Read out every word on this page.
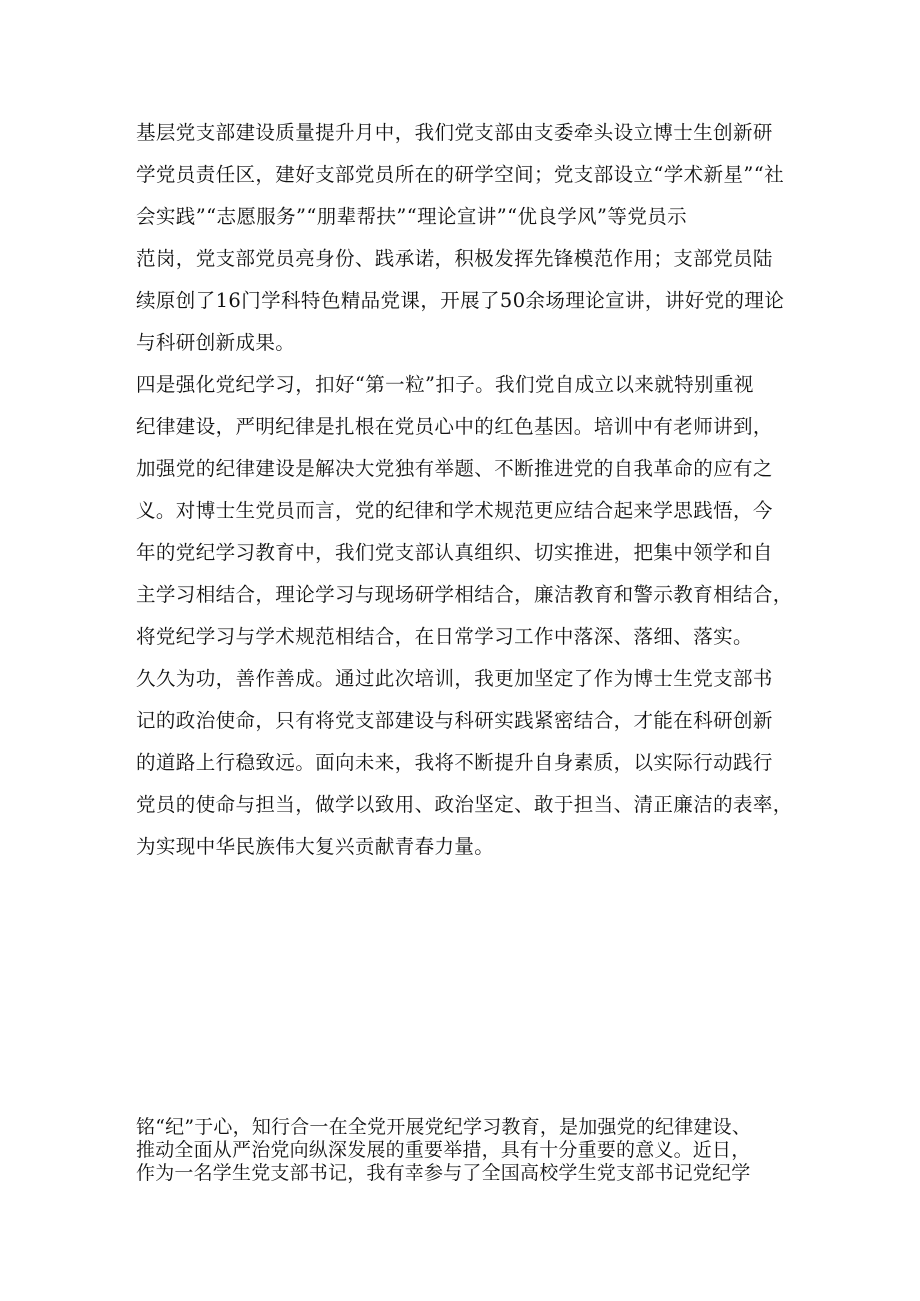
基层党支部建设质量提升月中，我们党支部由支委牵头设立博士生创新研
学党员责任区，建好支部党员所在的研学空间；党支部设立“学术新星”“社
会实践”“志愿服务”“朋辈帮扶”“理论宣讲”“优良学风”等党员示
范岗，党支部党员亮身份、践承诺，积极发挥先锋模范作用；支部党员陆
续原创了16门学科特色精品党课，开展了50余场理论宣讲，讲好党的理论
与科研创新成果。
四是强化党纪学习，扣好“第一粒”扣子。我们党自成立以来就特别重视
纪律建设，严明纪律是扎根在党员心中的红色基因。培训中有老师讲到，
加强党的纪律建设是解决大党独有举题、不断推进党的自我革命的应有之
义。对博士生党员而言，党的纪律和学术规范更应结合起来学思践悟，今
年的党纪学习教育中，我们党支部认真组织、切实推进，把集中领学和自
主学习相结合，理论学习与现场研学相结合，廉洁教育和警示教育相结合，
将党纪学习与学术规范相结合，在日常学习工作中落深、落细、落实。
久久为功，善作善成。通过此次培训，我更加坚定了作为博士生党支部书
记的政治使命，只有将党支部建设与科研实践紧密结合，才能在科研创新
的道路上行稳致远。面向未来，我将不断提升自身素质，以实际行动践行
党员的使命与担当，做学以致用、政治坚定、敢于担当、清正廉洁的表率，
为实现中华民族伟大复兴贡献青春力量。
铭“纪”于心，知行合一在全党开展党纪学习教育，是加强党的纪律建设、
推动全面从严治党向纵深发展的重要举措，具有十分重要的意义。近日，
作为一名学生党支部书记，我有幸参与了全国高校学生党支部书记党纪学
